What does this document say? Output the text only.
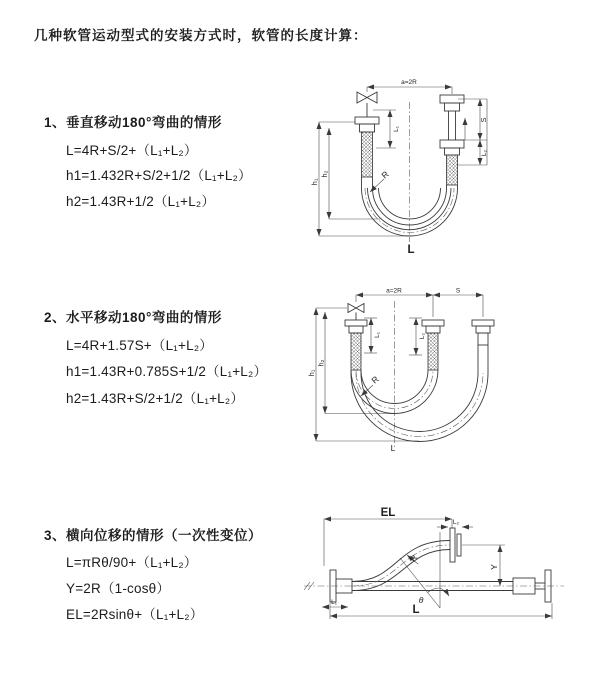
几种软管运动型式的安装方式时，软管的长度计算：
1、垂直移动180°弯曲的情形
L=4R+S/2+（L₁+L₂）
h1=1.432R+S/2+1/2（L₁+L₂）
h2=1.43R+1/2（L₁+L₂）
a=2R
L₁
h₁
h₂
S
L₂
R
L
2、水平移动180°弯曲的情形
L=4R+1.57S+（L₁+L₂）
h1=1.43R+0.785S+1/2（L₁+L₂）
h2=1.43R+S/2+1/2（L₁+L₂）
a=2R	S
h₁
h₂
L₁	L₂
R
L
3、横向位移的情形（一次性变位）
L=πRθ/90+（L₁+L₂）
Y=2R（1-cosθ）
EL=2Rsinθ+（L₁+L₂）
EL
L₂
Y
R
θ
L
L₁
